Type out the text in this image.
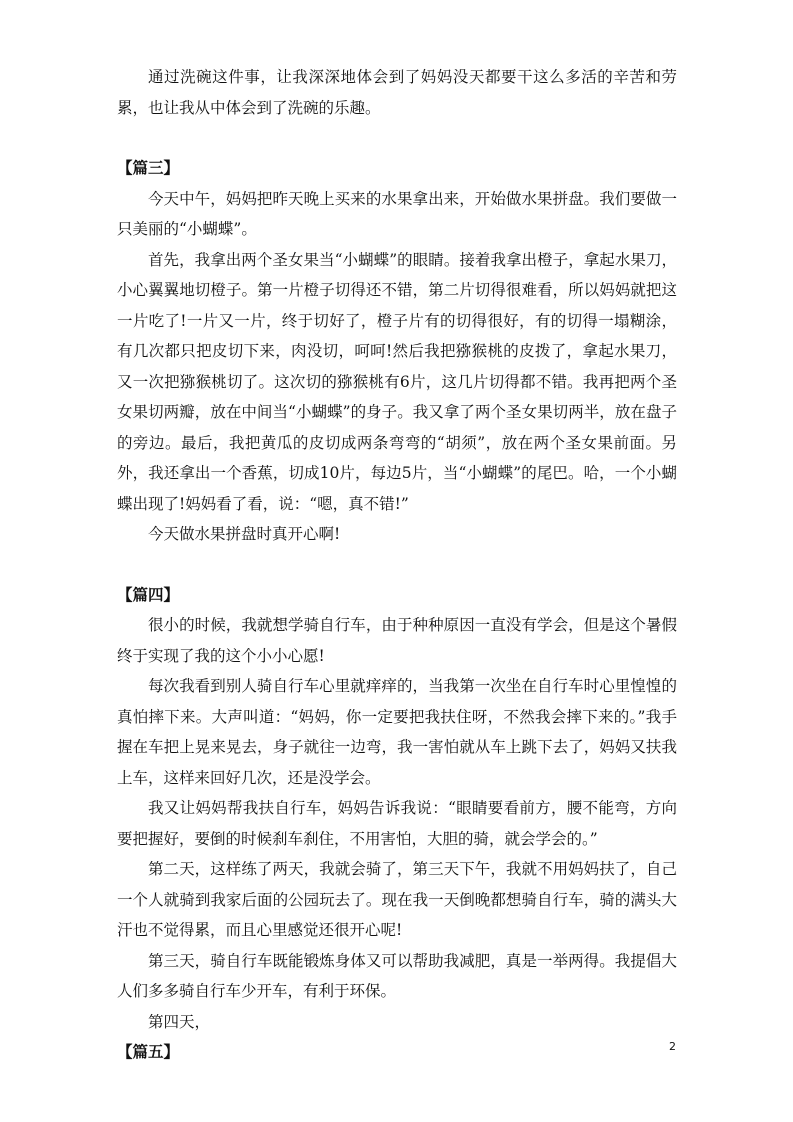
通过洗碗这件事，让我深深地体会到了妈妈没天都要干这么多活的辛苦和劳累，也让我从中体会到了洗碗的乐趣。

【篇三】

今天中午，妈妈把昨天晚上买来的水果拿出来，开始做水果拼盘。我们要做一只美丽的“小蝴蝶”。

首先，我拿出两个圣女果当“小蝴蝶”的眼睛。接着我拿出橙子，拿起水果刀，小心翼翼地切橙子。第一片橙子切得还不错，第二片切得很难看，所以妈妈就把这一片吃了!一片又一片，终于切好了，橙子片有的切得很好，有的切得一塌糊涂，有几次都只把皮切下来，肉没切，呵呵!然后我把猕猴桃的皮拨了，拿起水果刀，又一次把猕猴桃切了。这次切的猕猴桃有6片，这几片切得都不错。我再把两个圣女果切两瓣，放在中间当“小蝴蝶”的身子。我又拿了两个圣女果切两半，放在盘子的旁边。最后，我把黄瓜的皮切成两条弯弯的“胡须”，放在两个圣女果前面。另外，我还拿出一个香蕉，切成10片，每边5片，当“小蝴蝶”的尾巴。哈，一个小蝴蝶出现了!妈妈看了看，说：“嗯，真不错!”

今天做水果拼盘时真开心啊!

【篇四】

很小的时候，我就想学骑自行车，由于种种原因一直没有学会，但是这个暑假终于实现了我的这个小小心愿!

每次我看到别人骑自行车心里就痒痒的，当我第一次坐在自行车时心里惶惶的真怕摔下来。大声叫道：“妈妈，你一定要把我扶住呀，不然我会摔下来的。”我手握在车把上晃来晃去，身子就往一边弯，我一害怕就从车上跳下去了，妈妈又扶我上车，这样来回好几次，还是没学会。

我又让妈妈帮我扶自行车，妈妈告诉我说：“眼睛要看前方，腰不能弯，方向要把握好，要倒的时候刹车刹住，不用害怕，大胆的骑，就会学会的。”

第二天，这样练了两天，我就会骑了，第三天下午，我就不用妈妈扶了，自己一个人就骑到我家后面的公园玩去了。现在我一天倒晚都想骑自行车，骑的满头大汗也不觉得累，而且心里感觉还很开心呢!

第三天，骑自行车既能锻炼身体又可以帮助我减肥，真是一举两得。我提倡大人们多多骑自行车少开车，有利于环保。

第四天，

【篇五】	2
